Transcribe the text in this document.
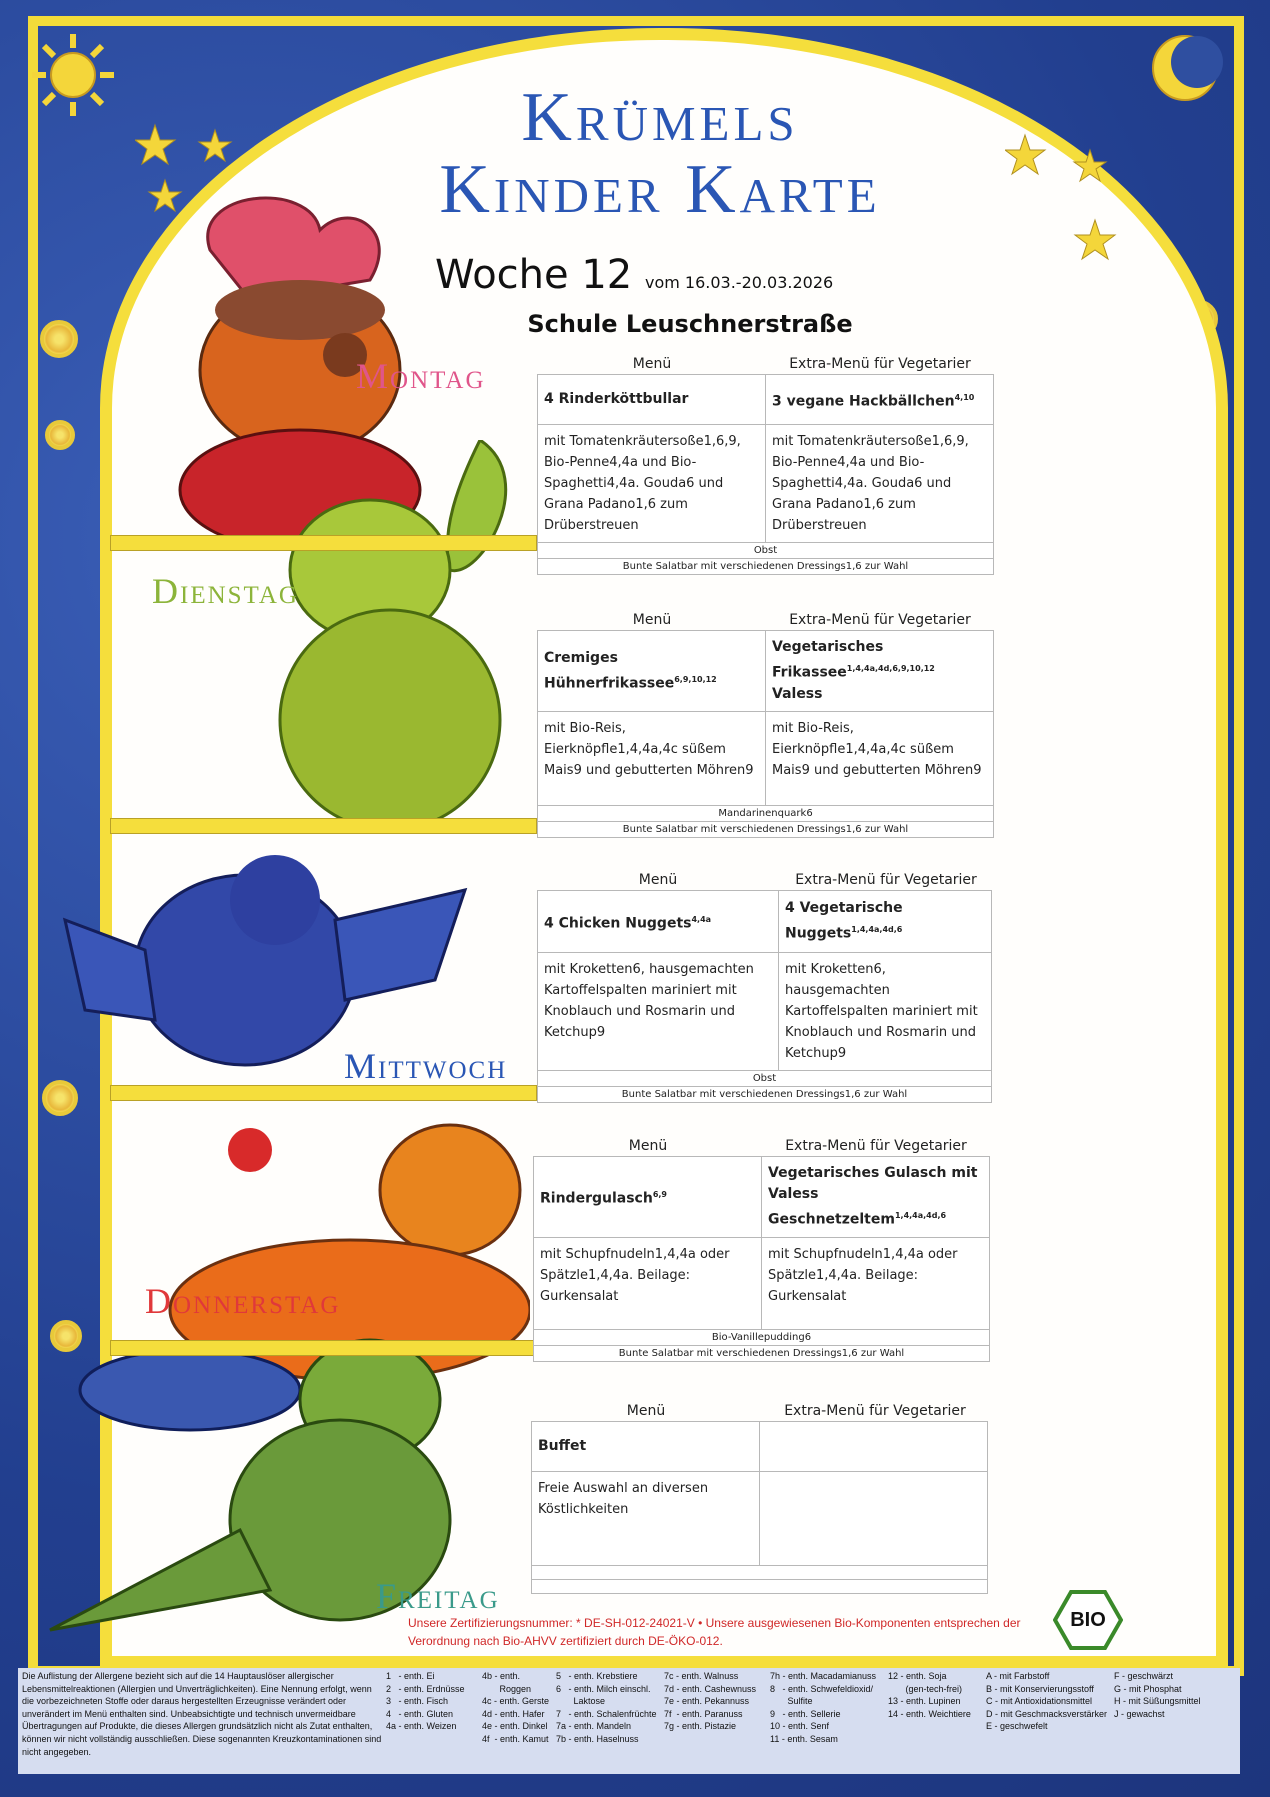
Krümels
Kinder Karte
Woche 12 vom 16.03.-20.03.2026
Schule Leuschnerstraße
Montag
Dienstag
Mittwoch
Donnerstag
Freitag
Menü	Extra-Menü für Vegetarier
4 Rinderköttbullar	3 vegane Hackbällchen$^{4,10}$
mit Tomatenkräutersoße1,6,9, Bio-Penne4,4a und Bio-Spaghetti4,4a. Gouda6 und Grana Padano1,6 zum Drüberstreuen	mit Tomatenkräutersoße1,6,9, Bio-Penne4,4a und Bio-Spaghetti4,4a. Gouda6 und Grana Padano1,6 zum Drüberstreuen
Obst	
Bunte Salatbar mit verschiedenen Dressings1,6 zur Wahl	
Menü	Extra-Menü für Vegetarier
Cremiges Hühnerfrikassee$^{6,9,10,12}$	Vegetarisches Frikassee$^{1,4,4a,4d,6,9,10,12}$ Valess
mit Bio-Reis, Eierknöpfle1,4,4a,4c süßem Mais9 und gebutterten Möhren9	mit Bio-Reis, Eierknöpfle1,4,4a,4c süßem Mais9 und gebutterten Möhren9
Mandarinenquark6	
Bunte Salatbar mit verschiedenen Dressings1,6 zur Wahl	
Menü	Extra-Menü für Vegetarier
4 Chicken Nuggets$^{4,4a}$	4 Vegetarische Nuggets$^{1,4,4a,4d,6}$
mit Kroketten6, hausgemachten Kartoffelspalten mariniert mit Knoblauch und Rosmarin und Ketchup9	mit Kroketten6, hausgemachten Kartoffelspalten mariniert mit Knoblauch und Rosmarin und Ketchup9
Obst	
Bunte Salatbar mit verschiedenen Dressings1,6 zur Wahl	
Menü	Extra-Menü für Vegetarier
Rindergulasch$^{6,9}$	Vegetarisches Gulasch mit Valess Geschnetzeltem$^{1,4,4a,4d,6}$
mit Schupfnudeln1,4,4a oder Spätzle1,4,4a. Beilage: Gurkensalat	mit Schupfnudeln1,4,4a oder Spätzle1,4,4a. Beilage: Gurkensalat
Bio-Vanillepudding6	
Bunte Salatbar mit verschiedenen Dressings1,6 zur Wahl	
Menü	Extra-Menü für Vegetarier
Buffet	
Freie Auswahl an diversen Köstlichkeiten	

Unsere Zertifizierungsnummer: * DE-SH-012-24021-V • Unsere ausgewiesenen Bio-Komponenten entsprechen der Verordnung nach Bio-AHVV zertifiziert durch DE-ÖKO-012.
BIO
Die Auflistung der Allergene bezieht sich auf die 14 Hauptauslöser allergischer Lebensmittelreaktionen (Allergien und Unverträglichkeiten). Eine Nennung erfolgt, wenn die vorbezeichneten Stoffe oder daraus hergestellten Erzeugnisse verändert oder unverändert im Menü enthalten sind. Unbeabsichtigte und technisch unvermeidbare Übertragungen auf Produkte, die dieses Allergen grundsätzlich nicht als Zutat enthalten, können wir nicht vollständig ausschließen. Diese sogenannten Kreuzkontaminationen sind nicht angegeben.
1   - enth. Ei
2   - enth. Erdnüsse
3   - enth. Fisch
4   - enth. Gluten
4a - enth. Weizen
4b - enth.
Roggen
4c - enth. Gerste
4d - enth. Hafer
4e - enth. Dinkel
4f  - enth. Kamut
5   - enth. Krebstiere
6   - enth. Milch einschl.
Laktose
7   - enth. Schalenfrüchte
7a - enth. Mandeln
7b - enth. Haselnuss
7c - enth. Walnuss
7d - enth. Cashewnuss
7e - enth. Pekannuss
7f  - enth. Paranuss
7g - enth. Pistazie
7h - enth. Macadamianuss
8   - enth. Schwefeldioxid/
Sulfite
9   - enth. Sellerie
10 - enth. Senf
11 - enth. Sesam
12 - enth. Soja
(gen-tech-frei)
13 - enth. Lupinen
14 - enth. Weichtiere
A - mit Farbstoff
B - mit Konservierungsstoff
C - mit Antioxidationsmittel
D - mit Geschmacksverstärker
E - geschwefelt
F - geschwärzt
G - mit Phosphat
H - mit Süßungsmittel
J - gewachst
